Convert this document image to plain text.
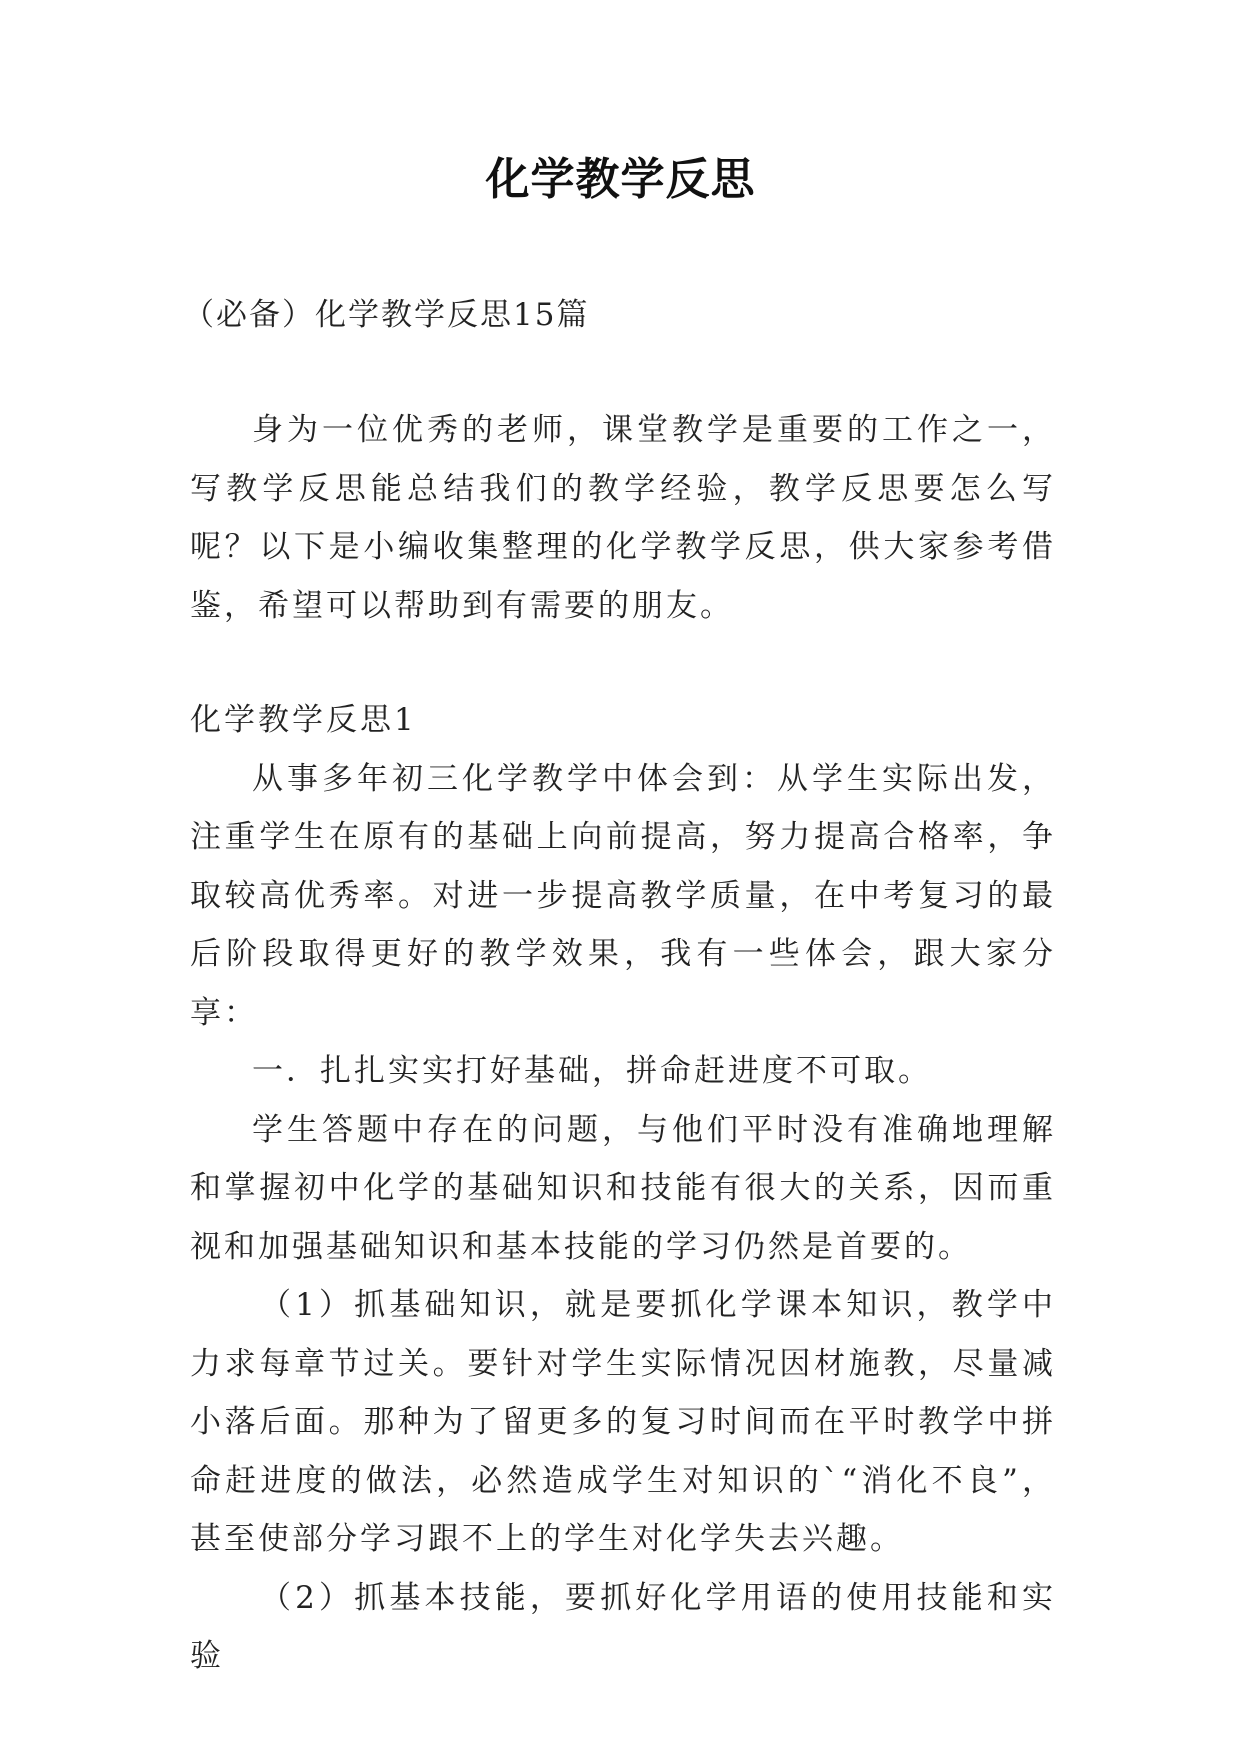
化学教学反思
（必备）化学教学反思15篇

身为一位优秀的老师，课堂教学是重要的工作之一，写教学反思能总结我们的教学经验，教学反思要怎么写呢？以下是小编收集整理的化学教学反思，供大家参考借鉴，希望可以帮助到有需要的朋友。

化学教学反思1

从事多年初三化学教学中体会到：从学生实际出发，注重学生在原有的基础上向前提高，努力提高合格率，争取较高优秀率。对进一步提高教学质量，在中考复习的最后阶段取得更好的教学效果，我有一些体会，跟大家分享：

一．扎扎实实打好基础，拼命赶进度不可取。

学生答题中存在的问题，与他们平时没有准确地理解和掌握初中化学的基础知识和技能有很大的关系，因而重视和加强基础知识和基本技能的学习仍然是首要的。

（1）抓基础知识，就是要抓化学课本知识，教学中力求每章节过关。要针对学生实际情况因材施教，尽量减小落后面。那种为了留更多的复习时间而在平时教学中拼命赶进度的做法，必然造成学生对知识的`“消化不良”，甚至使部分学习跟不上的学生对化学失去兴趣。

（2）抓基本技能，要抓好化学用语的使用技能和实验
